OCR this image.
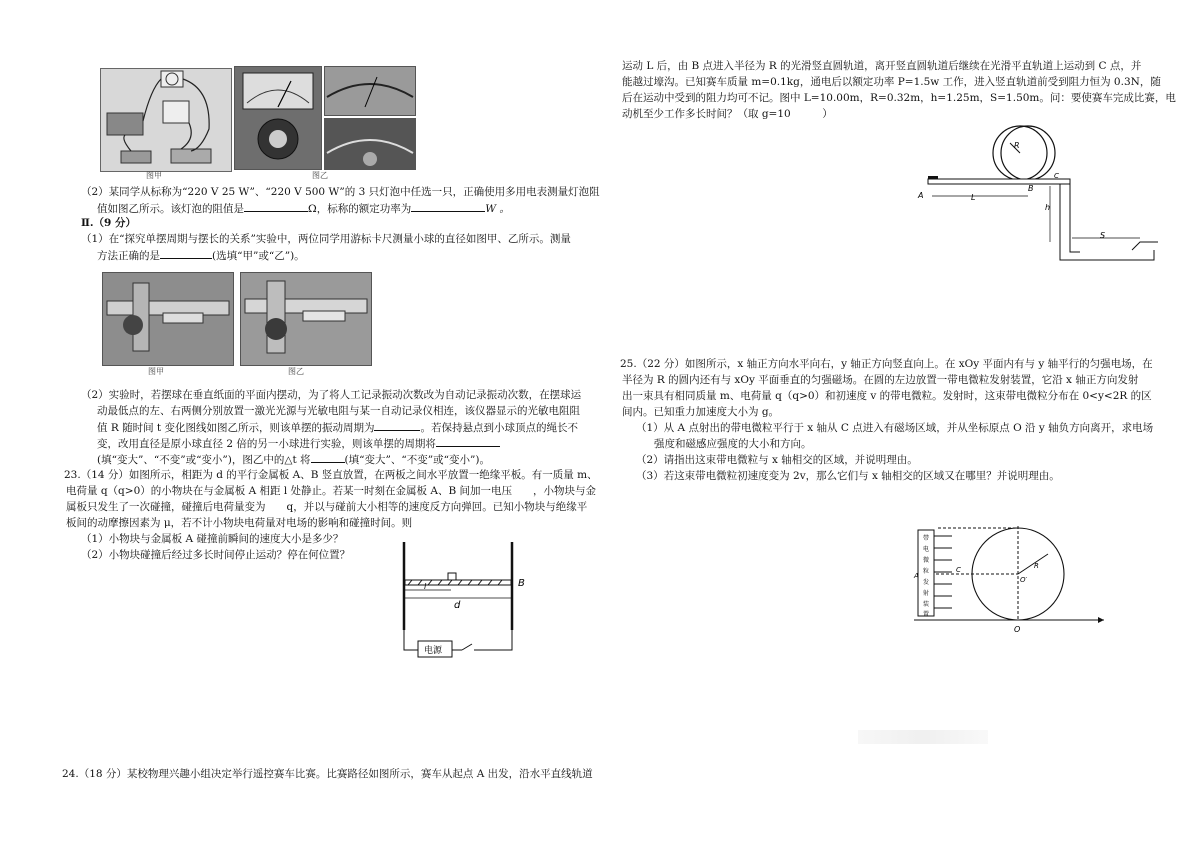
图甲	图乙
（2）某同学从标称为“220 V 25 W”、“220 V 500 W”的 3 只灯泡中任选一只，正确使用多用电表测量灯泡阻
值如图乙所示。该灯泡的阻值是	Ω，标称的额定功率为	W 。
Ⅱ.（9 分）
（1）在“探究单摆周期与摆长的关系”实验中，两位同学用游标卡尺测量小球的直径如图甲、乙所示。测量
方法正确的是	(选填“甲”或“乙”)。
图甲	图乙
（2）实验时，若摆球在垂直纸面的平面内摆动，为了将人工记录振动次数改为自动记录振动次数，在摆球运
动最低点的左、右两侧分别放置一激光光源与光敏电阻与某一自动记录仪相连，该仪器显示的光敏电阻阻
值 R 随时间 t 变化图线如图乙所示，则该单摆的振动周期为	。若保持悬点到小球顶点的绳长不
变，改用直径是原小球直径 2 倍的另一小球进行实验，则该单摆的周期将
(填“变大”、“不变”或“变小”)，图乙中的△t 将	(填“变大”、“不变”或“变小”)。
23.（14 分）如图所示，相距为 d 的平行金属板 A、B 竖直放置，在两板之间水平放置一绝缘平板。有一质量 m、
电荷量 q（q>0）的小物块在与金属板 A 相距 l 处静止。若某一时刻在金属板 A、B 间加一电压　　，小物块与金
属板只发生了一次碰撞，碰撞后电荷量变为　　q，并以与碰前大小相等的速度反方向弹回。已知小物块与绝缘平
板间的动摩擦因素为 μ，若不计小物块电荷量对电场的影响和碰撞时间。则
（1）小物块与金属板 A 碰撞前瞬间的速度大小是多少？
（2）小物块碰撞后经过多长时间停止运动？停在何位置？
l
d
B
电源
24.（18 分）某校物理兴趣小组决定举行遥控赛车比赛。比赛路径如图所示，赛车从起点 A 出发，沿水平直线轨道
运动 L 后，由 B 点进入半径为 R 的光滑竖直圆轨道，离开竖直圆轨道后继续在光滑平直轨道上运动到 C 点，并
能越过壕沟。已知赛车质量 m=0.1kg，通电后以额定功率 P=1.5w 工作，进入竖直轨道前受到阻力恒为 0.3N，随
后在运动中受到的阻力均可不记。图中 L=10.00m，R=0.32m，h=1.25m，S=1.50m。问：要使赛车完成比赛，电
动机至少工作多长时间？（取 g=10　　　）
R
A
B
L
h
S
C
25.（22 分）如图所示，x 轴正方向水平向右，y 轴正方向竖直向上。在 xOy 平面内有与 y 轴平行的匀强电场，在
半径为 R 的圆内还有与 xOy 平面垂直的匀强磁场。在圆的左边放置一带电微粒发射装置，它沿 x 轴正方向发射
出一束具有相同质量 m、电荷量 q（q>0）和初速度 v 的带电微粒。发射时，这束带电微粒分布在 0<y<2R 的区
间内。已知重力加速度大小为 g。
（1）从 A 点射出的带电微粒平行于 x 轴从 C 点进入有磁场区域，并从坐标原点 O 沿 y 轴负方向离开，求电场
强度和磁感应强度的大小和方向。
（2）请指出这束带电微粒与 x 轴相交的区域，并说明理由。
（3）若这束带电微粒初速度变为 2v，那么它们与 x 轴相交的区域又在哪里？并说明理由。
带电微粒发射装置
带电微粒发射装置
A
C
O′
R
O
